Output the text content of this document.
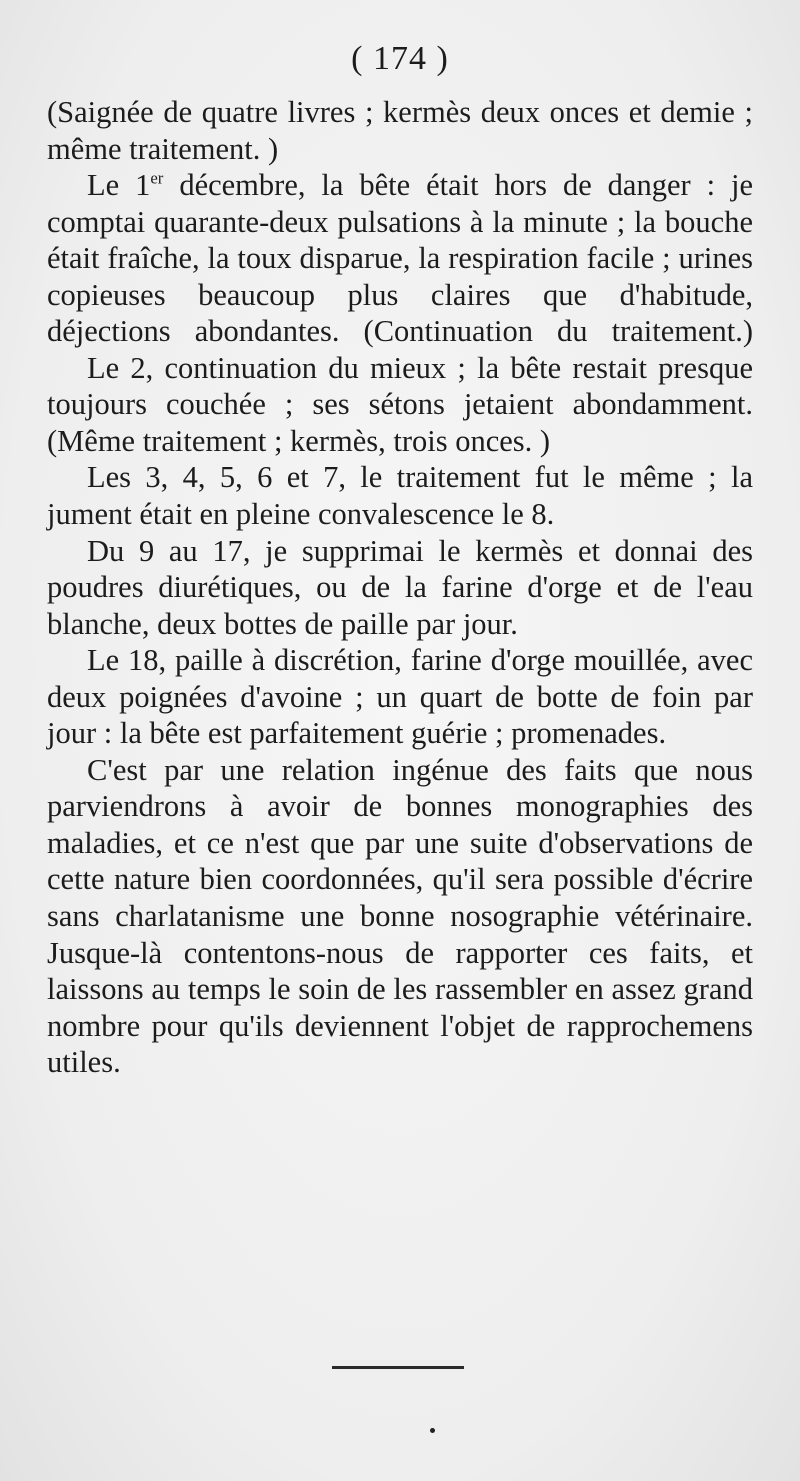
( 174 )

(Saignée de quatre livres ; kermès deux onces et demie ; même traitement. )

Le 1er décembre, la bête était hors de danger : je comptai quarante-deux pulsations à la minute ; la bouche était fraîche, la toux disparue, la respiration facile ; urines copieuses beaucoup plus claires que d'habitude, déjections abondantes. (Continuation du traitement.)

Le 2, continuation du mieux ; la bête restait presque toujours couchée ; ses sétons jetaient abondamment. (Même traitement ; kermès, trois onces. )

Les 3, 4, 5, 6 et 7, le traitement fut le même ; la jument était en pleine convalescence le 8.

Du 9 au 17, je supprimai le kermès et donnai des poudres diurétiques, ou de la farine d'orge et de l'eau blanche, deux bottes de paille par jour.

Le 18, paille à discrétion, farine d'orge mouillée, avec deux poignées d'avoine ; un quart de botte de foin par jour : la bête est parfaitement guérie ; promenades.

C'est par une relation ingénue des faits que nous parviendrons à avoir de bonnes monographies des maladies, et ce n'est que par une suite d'observations de cette nature bien coordonnées, qu'il sera possible d'écrire sans charlatanisme une bonne nosographie vétérinaire. Jusque-là contentons-nous de rapporter ces faits, et laissons au temps le soin de les rassembler en assez grand nombre pour qu'ils deviennent l'objet de rapprochemens utiles.
